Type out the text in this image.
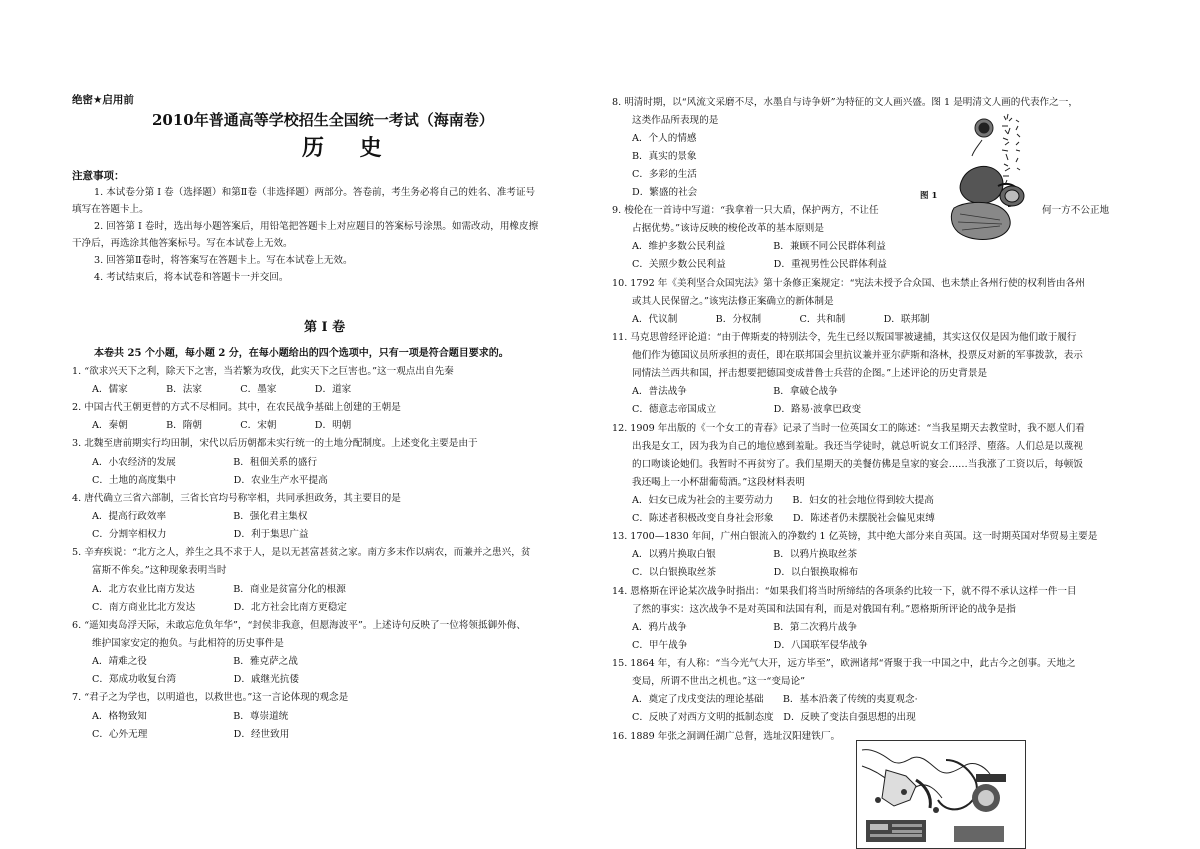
绝密★启用前
2010年普通高等学校招生全国统一考试（海南卷）
历 史
注意事项：
1. 本试卷分第 I 卷（选择题）和第Ⅱ卷（非选择题）两部分。答卷前，考生务必将自己的姓名、准考证号
填写在答题卡上。
2. 回答第 I 卷时，选出每小题答案后，用铅笔把答题卡上对应题目的答案标号涂黑。如需改动，用橡皮擦
干净后，再选涂其他答案标号。写在本试卷上无效。
3. 回答第Ⅱ卷时，将答案写在答题卡上。写在本试卷上无效。
4. 考试结束后，将本试卷和答题卡一并交回。
第 I 卷
本卷共 25 个小题，每小题 2 分，在每小题给出的四个选项中，只有一项是符合题目要求的。
1. “欲求兴天下之利，除天下之害，当若繁为攻伐，此实天下之巨害也。”这一观点出自先秦
A．儒家　　　　B．法家　　　　C．墨家　　　　D．道家
2. 中国古代王朝更替的方式不尽相同。其中，在农民战争基础上创建的王朝是
A．秦朝　　　　B．隋朝　　　　C．宋朝　　　　D．明朝
3. 北魏至唐前期实行均田制，宋代以后历朝都未实行统一的土地分配制度。上述变化主要是由于
A．小农经济的发展　　　　　　B．租佃关系的盛行
C．土地的高度集中　　　　　　D．农业生产水平提高
4. 唐代确立三省六部制，三省长官均号称宰相，共同承担政务，其主要目的是
A．提高行政效率　　　　　　　B．强化君主集权
C．分割宰相权力　　　　　　　D．利于集思广益
5. 辛弃疾说：“北方之人，养生之具不求于人，是以无甚富甚贫之家。南方多末作以病农，而兼并之患兴，贫
富斯不侔矣。”这种现象表明当时
A．北方农业比南方发达　　　　B．商业是贫富分化的根源
C．南方商业比北方发达　　　　D．北方社会比南方更稳定
6. “遥知夷岛浮天际，未敢忘危负年华”，“封侯非我意，但愿海波平”。上述诗句反映了一位将领抵御外侮、
维护国家安定的抱负。与此相符的历史事件是
A．靖难之役　　　　　　　　　B．雅克萨之战
C．郑成功收复台湾　　　　　　D．戚继光抗倭
7. “君子之为学也，以明道也，以救世也。”这一言论体现的观念是
A．格物致知　　　　　　　　　B．尊崇道统
C．心外无理　　　　　　　　　D．经世致用
8. 明清时期，以“风流文采磨不尽，水墨自与诗争妍”为特征的文人画兴盛。图 1 是明清文人画的代表作之一，
这类作品所表现的是
A．个人的情感
B．真实的景象
C．多彩的生活
D．繁盛的社会
9. 梭伦在一首诗中写道：“我拿着一只大盾，保护两方，不让任	何一方不公正地
占据优势。”该诗反映的梭伦改革的基本原则是
A．维护多数公民利益　　　　　B．兼顾不同公民群体利益
C．关照少数公民利益　　　　　D．重视男性公民群体利益
10. 1792 年《美利坚合众国宪法》第十条修正案规定：“宪法未授予合众国、也未禁止各州行使的权利皆由各州
或其人民保留之。”该宪法修正案确立的新体制是
A．代议制　　　　B．分权制　　　　C．共和制　　　　D．联邦制
11. 马克思曾经评论道：“由于俾斯麦的特别法令，先生已经以叛国罪被逮捕，其实这仅仅是因为他们敢于履行
他们作为德国议员所承担的责任，即在联邦国会里抗议兼并亚尔萨斯和洛林，投票反对新的军事拨款，表示
同情法兰西共和国，抨击想要把德国变成普鲁士兵营的企图。”上述评论的历史背景是
A．普法战争　　　　　　　　　B．拿破仑战争
C．德意志帝国成立　　　　　　D．路易·波拿巴政变
12. 1909 年出版的《一个女工的青春》记录了当时一位英国女工的陈述：“当我星期天去教堂时，我不愿人们看
出我是女工，因为我为自己的地位感到羞耻。我还当学徒时，就总听说女工们轻浮、堕落。人们总是以蔑视
的口吻谈论她们。我暂时不再贫穷了。我们星期天的美餐仿佛是皇家的宴会……当我涨了工资以后，每顿饭
我还喝上一小杯甜葡萄酒。”这段材料表明
A．妇女已成为社会的主要劳动力　　B．妇女的社会地位得到较大提高
C．陈述者积极改变自身社会形象　　D．陈述者仍未摆脱社会偏见束缚
13. 1700—1830 年间，广州白银流入的净数约 1 亿英镑，其中绝大部分来自英国。这一时期英国对华贸易主要是
A．以鸦片换取白银　　　　　　B．以鸦片换取丝茶
C．以白银换取丝茶　　　　　　D．以白银换取棉布
14. 恩格斯在评论某次战争时指出：“如果我们将当时所缔结的各项条约比较一下，就不得不承认这样一件一目
了然的事实：这次战争不是对英国和法国有利，而是对俄国有利。”恩格斯所评论的战争是指
A．鸦片战争　　　　　　　　　B．第二次鸦片战争
C．甲午战争　　　　　　　　　D．八国联军侵华战争
15. 1864 年，有人称：“当今光气大开，远方毕至”，欧洲诸邦“胥聚于我一中国之中，此古今之创事。天地之
变局，所谓不世出之机也。”这一“变局论”
A．奠定了戊戌变法的理论基础　　B．基本沿袭了传统的夷夏观念·
C．反映了对西方文明的抵制态度　D．反映了变法自强思想的出现
16. 1889 年张之洞调任湖广总督，选址汉阳建铁厂。
图 1
